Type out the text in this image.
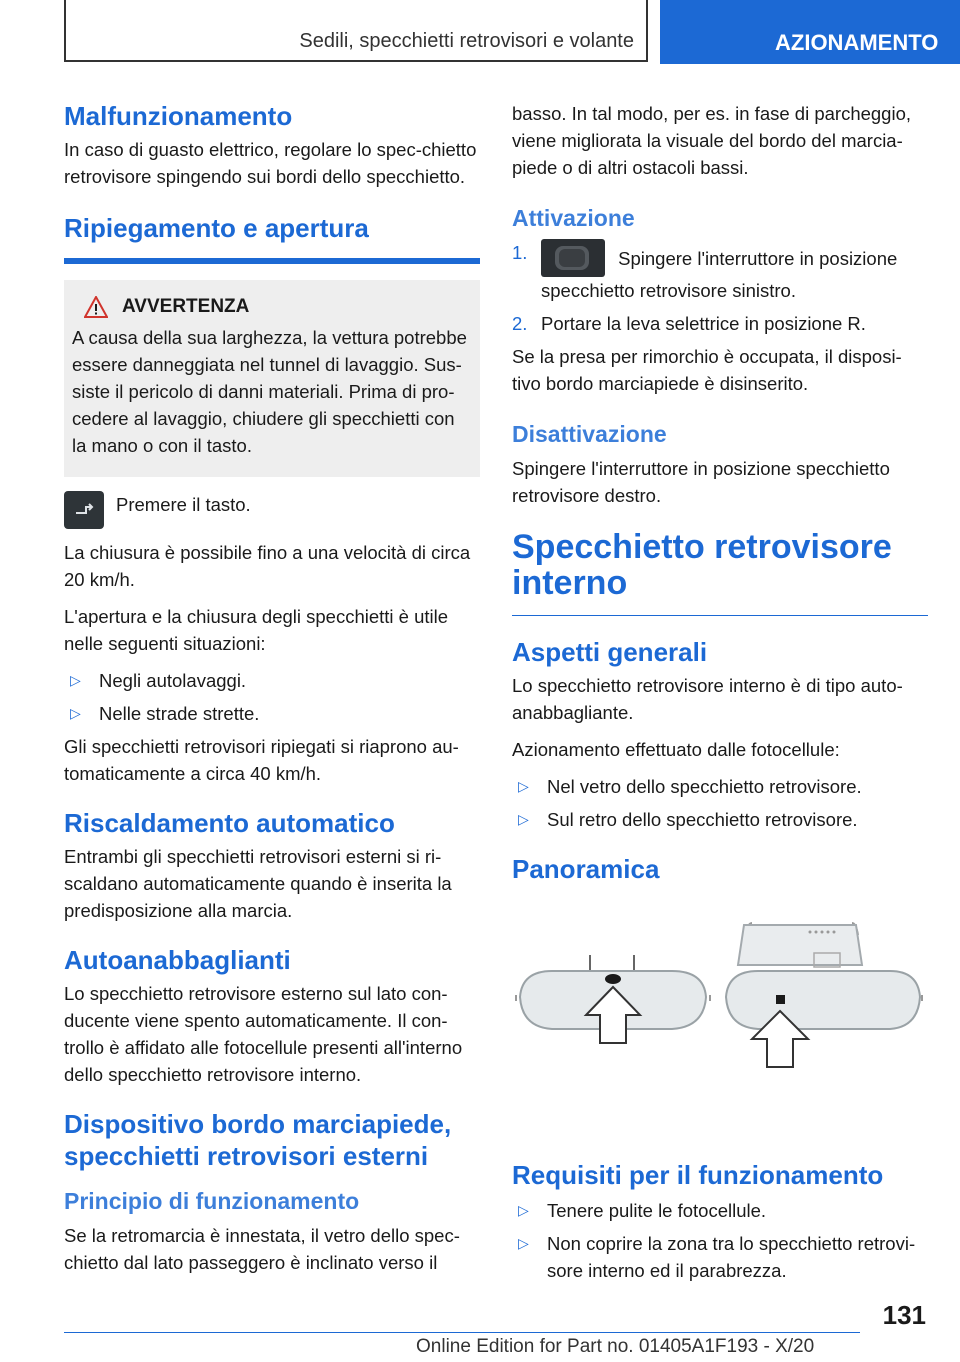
Sedili, specchietti retrovisori e volante	AZIONAMENTO
Malfunzionamento

In caso di guasto elettrico, regolare lo spec-chietto retrovisore spingendo sui bordi dello specchietto.

Ripiegamento e apertura
AVVERTENZA

A causa della sua larghezza, la vettura potrebbe essere danneggiata nel tunnel di lavaggio. Sus-siste il pericolo di danni materiali. Prima di pro-cedere al lavaggio, chiudere gli specchietti con la mano o con il tasto.

Premere il tasto.

La chiusura è possibile fino a una velocità di circa 20 km/h.

L'apertura e la chiusura degli specchietti è utile nelle seguenti situazioni:

▷ Negli autolavaggi.
▷ Nelle strade strette.

Gli specchietti retrovisori ripiegati si riaprono au-tomaticamente a circa 40 km/h.

Riscaldamento automatico

Entrambi gli specchietti retrovisori esterni si ri-scaldano automaticamente quando è inserita la predisposizione alla marcia.

Autoanabbaglianti

Lo specchietto retrovisore esterno sul lato con-ducente viene spento automaticamente. Il con-trollo è affidato alle fotocellule presenti all'interno dello specchietto retrovisore interno.

Dispositivo bordo marciapiede, specchietti retrovisori esterni
Principio di funzionamento

Se la retromarcia è innestata, il vetro dello spec-chietto dal lato passeggero è inclinato verso il

basso. In tal modo, per es. in fase di parcheggio, viene migliorata la visuale del bordo del marcia-piede o di altri ostacoli bassi.

Attivazione
1.	Spingere l'interruttore in posizione specchietto retrovisore sinistro.
2. Portare la leva selettrice in posizione R.

Se la presa per rimorchio è occupata, il disposi-tivo bordo marciapiede è disinserito.

Disattivazione

Spingere l'interruttore in posizione specchietto retrovisore destro.

Specchietto retrovisore interno
Aspetti generali

Lo specchietto retrovisore interno è di tipo auto-anabbagliante.

Azionamento effettuato dalle fotocellule:

▷ Nel vetro dello specchietto retrovisore.
▷ Sul retro dello specchietto retrovisore.
Panoramica
Requisiti per il funzionamento
▷ Tenere pulite le fotocellule.
▷ Non coprire la zona tra lo specchietto retrovi-sore interno ed il parabrezza.
131
Online Edition for Part no. 01405A1F193 - X/20
